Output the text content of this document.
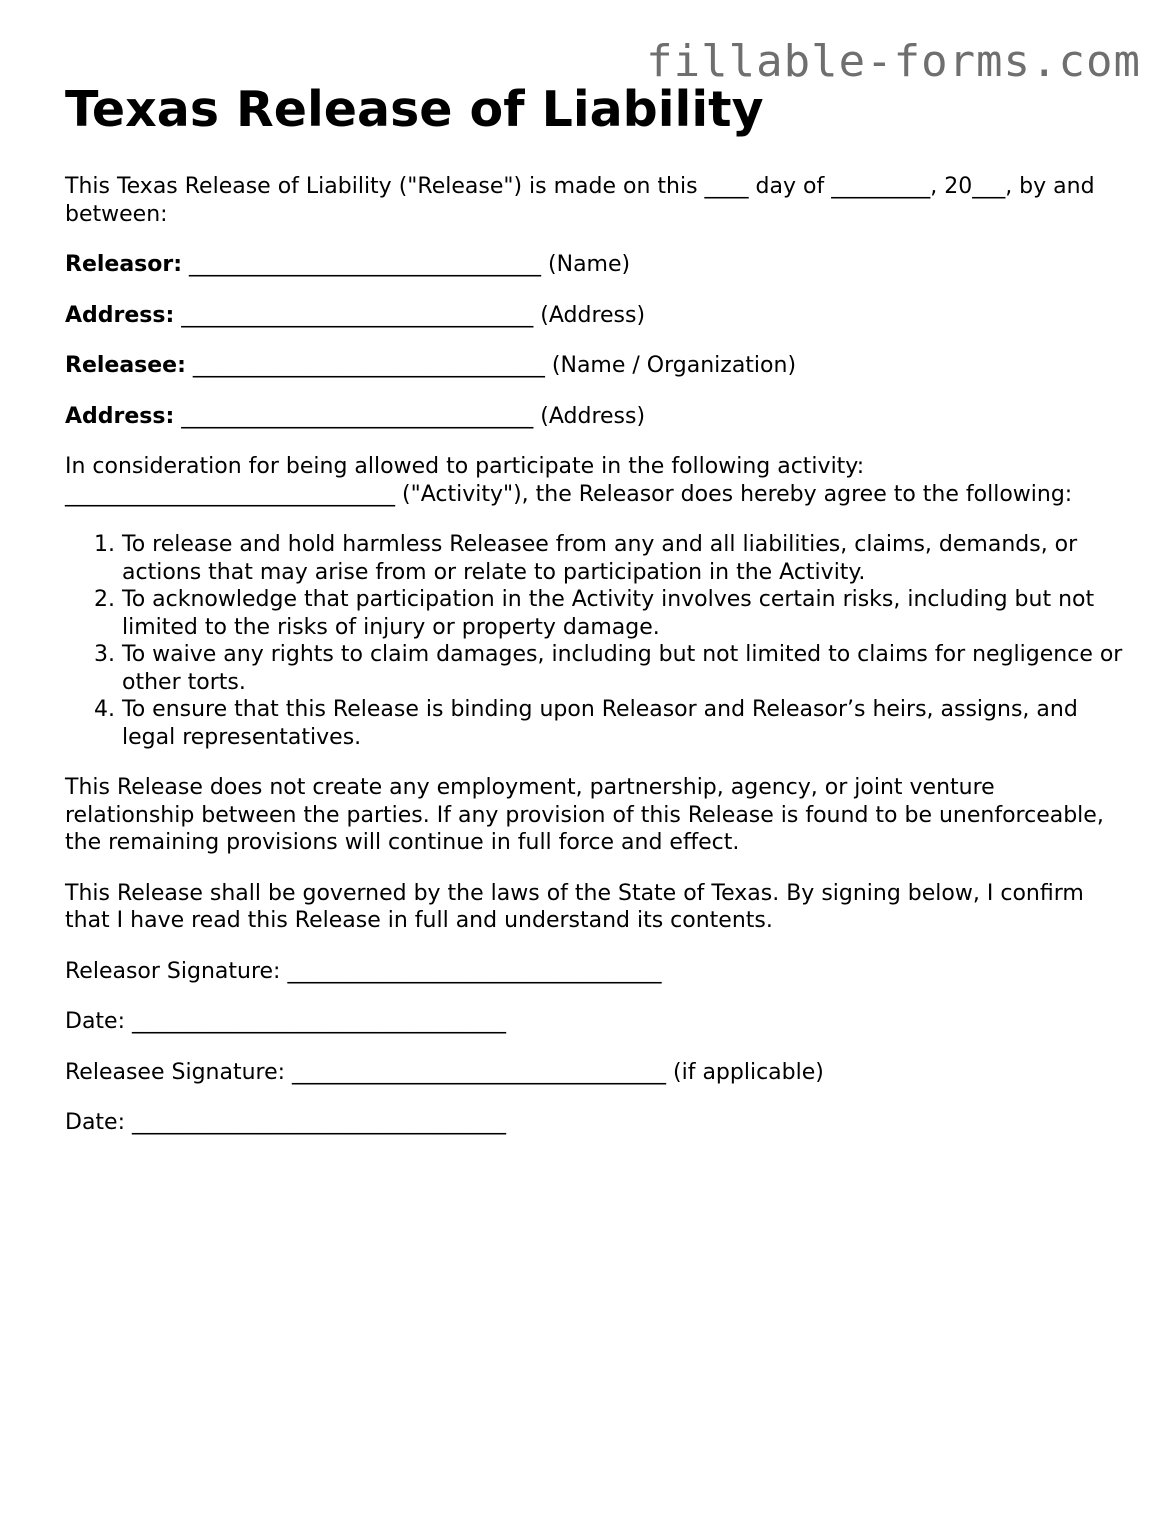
fillable-forms.com
Texas Release of Liability

This Texas Release of Liability ("Release") is made on this ____ day of _________, 20___, by and between:

Releasor: ________________________________ (Name)

Address: ________________________________ (Address)

Releasee: ________________________________ (Name / Organization)

Address: ________________________________ (Address)

In consideration for being allowed to participate in the following activity: ______________________________ ("Activity"), the Releasor does hereby agree to the following:

1. To release and hold harmless Releasee from any and all liabilities, claims, demands, or actions that may arise from or relate to participation in the Activity.
2. To acknowledge that participation in the Activity involves certain risks, including but not limited to the risks of injury or property damage.
3. To waive any rights to claim damages, including but not limited to claims for negligence or other torts.
4. To ensure that this Release is binding upon Releasor and Releasor’s heirs, assigns, and legal representatives.

This Release does not create any employment, partnership, agency, or joint venture relationship between the parties. If any provision of this Release is found to be unenforceable, the remaining provisions will continue in full force and effect.

This Release shall be governed by the laws of the State of Texas. By signing below, I confirm that I have read this Release in full and understand its contents.

Releasor Signature: __________________________________

Date: __________________________________

Releasee Signature: __________________________________ (if applicable)

Date: __________________________________
